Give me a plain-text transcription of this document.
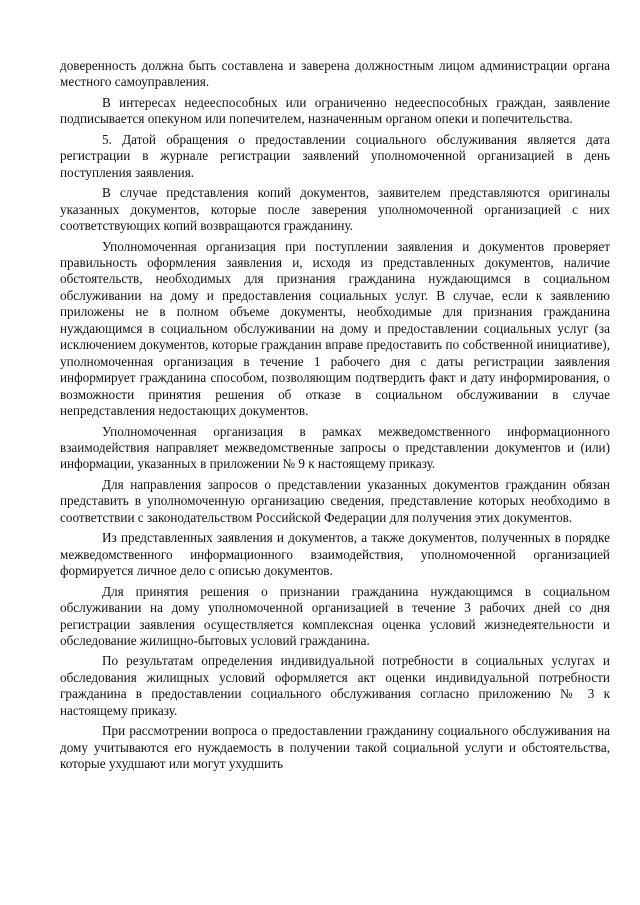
доверенность должна быть составлена и заверена должностным лицом администрации органа местного самоуправления.

В интересах недееспособных или ограниченно недееспособных граждан, заявление подписывается опекуном или попечителем, назначенным органом опеки и попечительства.

5. Датой обращения о предоставлении социального обслуживания является дата регистрации в журнале регистрации заявлений уполномоченной организацией в день поступления заявления.

В случае представления копий документов, заявителем представляются оригиналы указанных документов, которые после заверения уполномоченной организацией с них соответствующих копий возвращаются гражданину.

Уполномоченная организация при поступлении заявления и документов проверяет правильность оформления заявления и, исходя из представленных документов, наличие обстоятельств, необходимых для признания гражданина нуждающимся в социальном обслуживании на дому и предоставления социальных услуг. В случае, если к заявлению приложены не в полном объеме документы, необходимые для признания гражданина нуждающимся в социальном обслуживании на дому и предоставлении социальных услуг (за исключением документов, которые гражданин вправе предоставить по собственной инициативе), уполномоченная организация в течение 1 рабочего дня с даты регистрации заявления информирует гражданина способом, позволяющим подтвердить факт и дату информирования, о возможности принятия решения об отказе в социальном обслуживании в случае непредставления недостающих документов.

Уполномоченная организация в рамках межведомственного информационного взаимодействия направляет межведомственные запросы о представлении документов и (или) информации, указанных в приложении № 9 к настоящему приказу.

Для направления запросов о представлении указанных документов гражданин обязан представить в уполномоченную организацию сведения, представление которых необходимо в соответствии с законодательством Российской Федерации для получения этих документов.

Из представленных заявления и документов, а также документов, полученных в порядке межведомственного информационного взаимодействия, уполномоченной организацией формируется личное дело с описью документов.

Для принятия решения о признании гражданина нуждающимся в социальном обслуживании на дому уполномоченной организацией в течение 3 рабочих дней со дня регистрации заявления осуществляется комплексная оценка условий жизнедеятельности и обследование жилищно-бытовых условий гражданина.

По результатам определения индивидуальной потребности в социальных услугах и обследования жилищных условий оформляется акт оценки индивидуальной потребности гражданина в предоставлении социального обслуживания согласно приложению № 3 к настоящему приказу.

При рассмотрении вопроса о предоставлении гражданину социального обслуживания на дому учитываются его нуждаемость в получении такой социальной услуги и обстоятельства, которые ухудшают или могут ухудшить
